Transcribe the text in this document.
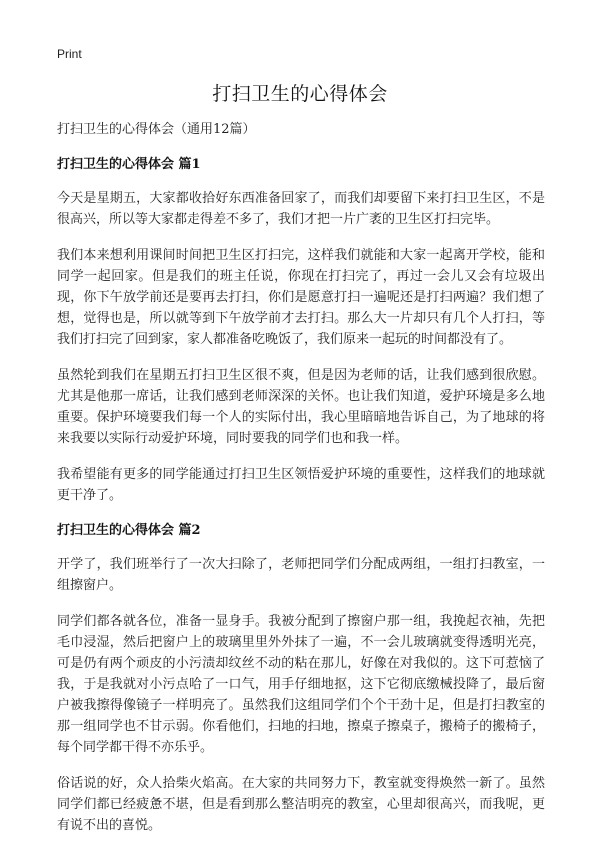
Print
打扫卫生的心得体会

打扫卫生的心得体会（通用12篇）

打扫卫生的心得体会 篇1

今天是星期五，大家都收拾好东西准备回家了，而我们却要留下来打扫卫生区，不是很高兴，所以等大家都走得差不多了，我们才把一片广袤的卫生区打扫完毕。

我们本来想利用课间时间把卫生区打扫完，这样我们就能和大家一起离开学校，能和同学一起回家。但是我们的班主任说，你现在打扫完了，再过一会儿又会有垃圾出现，你下午放学前还是要再去打扫，你们是愿意打扫一遍呢还是打扫两遍？我们想了想，觉得也是，所以就等到下午放学前才去打扫。那么大一片却只有几个人打扫，等我们打扫完了回到家，家人都准备吃晚饭了，我们原来一起玩的时间都没有了。

虽然轮到我们在星期五打扫卫生区很不爽，但是因为老师的话，让我们感到很欣慰。尤其是他那一席话，让我们感到老师深深的关怀。也让我们知道，爱护环境是多么地重要。保护环境要我们每一个人的实际付出，我心里暗暗地告诉自己，为了地球的将来我要以实际行动爱护环境，同时要我的同学们也和我一样。

我希望能有更多的同学能通过打扫卫生区领悟爱护环境的重要性，这样我们的地球就更干净了。

打扫卫生的心得体会 篇2

开学了，我们班举行了一次大扫除了，老师把同学们分配成两组，一组打扫教室，一组擦窗户。

同学们都各就各位，准备一显身手。我被分配到了擦窗户那一组，我挽起衣袖，先把毛巾浸湿，然后把窗户上的玻璃里里外外抹了一遍，不一会儿玻璃就变得透明光亮，可是仍有两个顽皮的小污渍却纹丝不动的粘在那儿，好像在对我似的。这下可惹恼了我，于是我就对小污点哈了一口气，用手仔细地抠，这下它彻底缴械投降了，最后窗户被我擦得像镜子一样明亮了。虽然我们这组同学们个个干劲十足，但是打扫教室的那一组同学也不甘示弱。你看他们，扫地的扫地，擦桌子擦桌子，搬椅子的搬椅子，每个同学都干得不亦乐乎。

俗话说的好，众人拾柴火焰高。在大家的共同努力下，教室就变得焕然一新了。虽然同学们都已经疲惫不堪，但是看到那么整洁明亮的教室，心里却很高兴，而我呢，更有说不出的喜悦。
